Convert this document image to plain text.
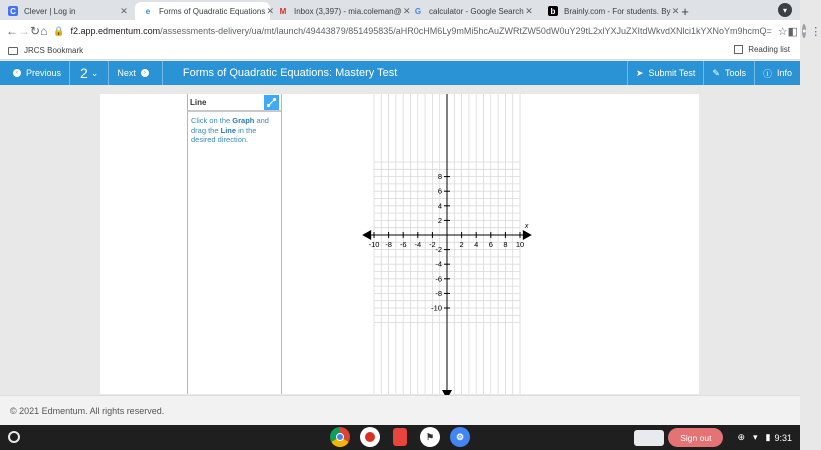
C Clever | Log in	✕	e	Forms of Quadratic Equations ✕ M Inbox (3,397) - mia.coleman@ ✕ G calculator - Google Search ✕	b	Brainly.com - For students. By ✕ +	▾
← → ↻ ⌂ 🔒 f2.app.edmentum.com /assessments-delivery/ua/mt/launch/49443879/851495835/aHR0cHM6Ly9mMi5hcAuZWRtZW50dW0uY29tL2xlYXJuZXItdWkvdXNlci1kYXNoYm9hcmQ= ☆ ◧ ● ⋮
JRCS Bookmark	Reading list
‹ Previous 2 ⌄ Next	›	Forms of Quadratic Equations: Mastery Test	➤ Submit Test ✎ Tools ⓘ Info
Line
Click on the Graph and drag the Line in the desired direction.
x
-10 -8 -6 -4 -2	2 4 6 8 10
8
6
4
2
-2
-4
-6
-8
-10
© 2021 Edmentum. All rights reserved.
⚑	⚙	Sign out	⊕ ▾ ▮ 9:31
